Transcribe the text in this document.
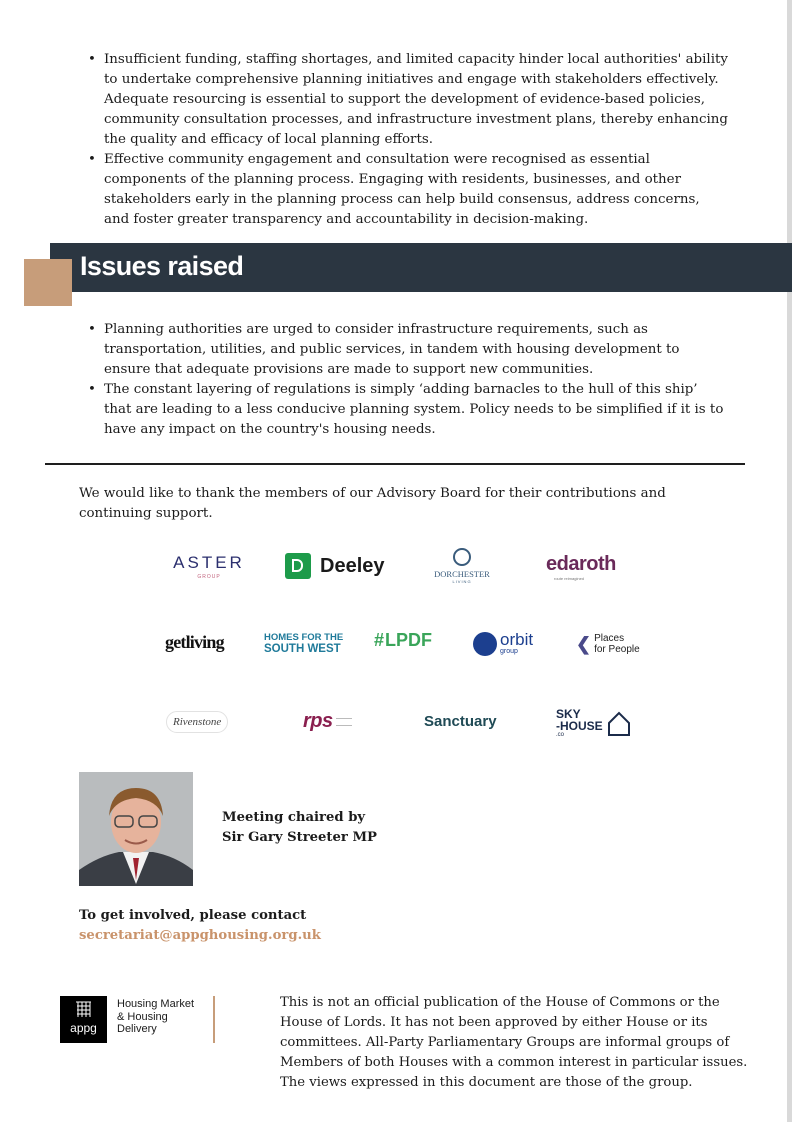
• Insufficient funding, staffing shortages, and limited capacity hinder local authorities' ability to undertake comprehensive planning initiatives and engage with stakeholders effectively. Adequate resourcing is essential to support the development of evidence-based policies, community consultation processes, and infrastructure investment plans, thereby enhancing the quality and efficacy of local planning efforts.
• Effective community engagement and consultation were recognised as essential components of the planning process. Engaging with residents, businesses, and other stakeholders early in the planning process can help build consensus, address concerns, and foster greater transparency and accountability in decision-making.
Issues raised
• Planning authorities are urged to consider infrastructure requirements, such as transportation, utilities, and public services, in tandem with housing development to ensure that adequate provisions are made to support new communities.
• The constant layering of regulations is simply ‘adding barnacles to the hull of this ship’ that are leading to a less conducive planning system. Policy needs to be simplified if it is to have any impact on the country's housing needs.
We would like to thank the members of our Advisory Board for their contributions and continuing support.
ASTER
GROUP
Deeley	DORCHESTER
LIVING
edaroth
route reimagined
getliving	HOMES FOR THE
SOUTH WEST # LPDF	orbit
group	❮ Places
for People
Rivenstone	rps	Sanctuary	SKY
-HOUSE
.co
Meeting chaired by
Sir Gary Streeter MP
To get involved, please contact
secretariat@appghousing.org.uk
appg
Housing Market
& Housing
Delivery
This is not an official publication of the House of Commons or the House of Lords. It has not been approved by either House or its committees. All-Party Parliamentary Groups are informal groups of Members of both Houses with a common interest in particular issues. The views expressed in this document are those of the group.
